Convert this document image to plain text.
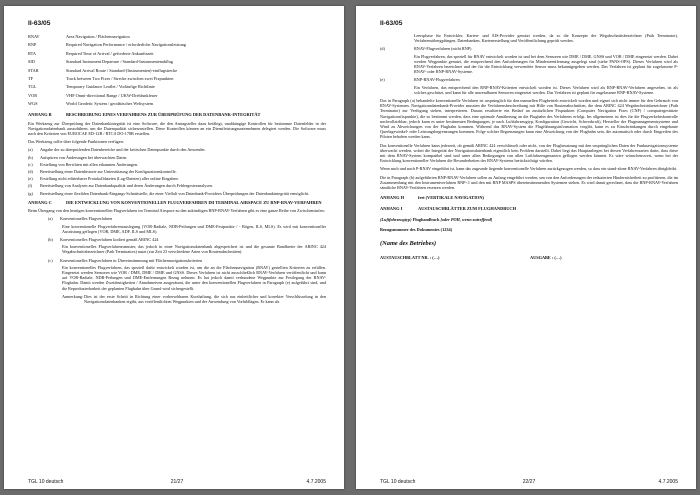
II-63/05
RNAV	Area Navigation / Flächennavigation
RNP	Required Navigation Performance / erforderliche Navigationsleistung
RTA	Required Time of Arrival / geforderte Ankunftszeit
SID	Standard Instrument Departure / Standard-Instrumentenabflug
STAR	Standard Arrival Route / Standard-(Instrumenten)-einflugstrecke
TF	Track between Two Fixes / Strecke zwischen zwei Fixpunkten
TGL	Temporary Guidance Leaflet / Vorläufige Richtlinie
VOR	VHF Omni-directional Range / UKW-Drehfunkfeuer
WGS	World Geodetic System / geodätisches Weltsystem
ANHANG B	BESCHREIBUNG EINES VERFAHRENS ZUR ÜBERPRÜFUNG DER DATENBANK-INTEGRITÄT

Ein Werkzeug zur Überprüfung der Datenbankintegrität ist eine Software, die den Antragsteller dazu befähigt, unabhängige Kontrollen für bestimmte Datenfelder in der Navigationsdatenbank auszuführen, um die Datenqualität sicherzustellen. Diese Kontrollen können an ein Dienstleistungsunternehmen delegiert werden. Die Software muss nach den Kriterien von EUROCAE ED-12B / RTCA DO-178B erstellen.

Das Werkzeug sollte über folgende Funktionen verfügen:

(a)	Angabe der zu überprüfenden Datenbereiche und der kritischen Datenpunkte durch den Anwender.
(b)	Aufspüren von Änderungen bei überwachten Daten.
(c)	Erstellung von Berichten mit allen erkannten Änderungen.
(d)	Bereitstellung einer Datenhistorie zur Unterstützung der Konfigurationskontrolle.
(e)	Erstellung nicht editierbarer Protokolldateien (Log-Dateien) aller online Eingaben.
(f)	Bereitstellung von Analysen zur Datenbankqualität und deren Änderungen durch Fehlergesteranalysen.
(g)	Bereitstellung einer flexiblen Datenbank-Eingangs-Schnittstelle, die einer Vielfalt von Datenbank-Providern Überprüfungen der Datenbankintegrität ermöglicht.
ANHANG C	DIE ENTWICKLUNG VON KONVENTIONELLEN FLUGVERFAHREN IM TERMINAL AIRSPACE ZU RNP-RNAV-VERFAHREN

Beim Übergang von den heutigen konventionellen Flugverfahren im Terminal Airspace zu den zukünftigen RNP-RNAV-Verfahren gibt es eine ganze Reihe von Zwischenstufen:

(a)	Konventionelles Flugverfahren

Eine konventionelle Flugverfahrensauslegung (VOR-Radiale, NDB-Peilungen und DME-Festpunkte / - Bögen, ILS, MLS). Es wird mit konventioneller Ausrüstung geflogen (VOR, DME, ADF, ILS und MLS).

(b)	Konventionelles Flugverfahren kodiert gemäß ARINC 424

Ein konventionelles Flugverfahrensmuster, das jedoch in einer Navigationsdatenbank abgespeichert ist und die gesamte Bandbreite der ARINC 424 Wegabschnittsbezeichner (Path Terminators) nutzt (zur Zeit 23 verschiedene Arten von Routenabschnitten).

(c)	Konventionelles Flugverfahren in Übereinstimmung mit Flächennavigationskriterien

Ein konventionelles Flugverfahren, das speziell dafür entwickelt worden ist, um die an die Flächennavigation (RNAV) gestellten Kriterien zu erfüllen. Eingesetzt werden Sensoren wie VOR / DME, DME / DME und GNSS. Dieses Verfahren ist nicht ausschließlich RNAV-Verfahren veröffentlicht und kann auf VOR-Radiale, NDB-Peilungen und DME-Entfernungen Bezug nehmen. Es hat jedoch damit verbundene Wegpunkte zur Festlegung der RNAV-Flugbahn. Damit werden Zweideutigkeiten / Annahmeiven ausgeräumt, die unter den konventionellen Flugverfahren in Paragraph (e) aufgeführt sind, und die Reproduzierbarkeit der geplanten Flugbahn über Grund wird sichergestellt.

Anmerkung: Dies ist der erste Schritt in Richtung einer vorhersehbaren Kurshaltung, die sich aus einheitlicher und korrekter Verschlüsselung in den Navigationsdatenbanken ergibt, aus veröffentlichten Wegpunkten und der Anwendung von Vorbildlagen. Er kann als
TGL 10 deutsch	21/27	4.7.2005
II-63/05

Leersphase für Entwickler, Karten- und AIS-Provider genutzt werden, da so die Konzepte der Wegabschnittsbezeichner (Path Terminator), Verfahrensübergpfüngen, Datenbanken, Kartenerstellung und Veröffentlichung geprüft werden.

(d)	RNAV-Flugverfahren (nicht RNP)

Ein Flugverfahren, das speziell für RNAV entwickelt worden ist und bei dem Sensoren wie DME / DME, GNSS und VOR / DME eingesetzt werden. Dabei werden Wegpunkte genutzt, die entsprechend den Anforderungen für Mindesteentfernung ausgelegt sind (siehe PANS-OPS). Dieses Verfahren wird als RNAV-Verfahren bezeichnet und der für die Entwicklung verwendete Sensor muss bekanntgegeben werden. Das Verfahren ist geplant für zugelassene P-RNAV- oder RNP-RNAV-Systeme.

(e)	RNP-RNAV-Flugverfahren

Ein Verfahren, das entsprechend den RNP-RNAV-Kriterien entwickelt worden ist. Dieses Verfahren wird als RNP-RNAV-Verfahren angesehen, ist als solches geschützt, und kann für alle anwendbaren Sensoren eingesetzt werden. Das Verfahren ist geplant für zugelassene RNP-RNAV-Systeme.

Das in Paragraph (a) behandelte konventionelle Verfahren ist ursprünglich für den manuellen Flugbetrieb entwickelt worden und eignet sich nicht immer für den Gebrauch von RNAV-Systemen. Navigationsdatenbank-Provider mussten die Verfahrensbeschreibung mit Hilfe von Routenabschnitten, die dem ARINC 424 Wegabschnittsbezeichner (Path Terminator) zur Verfügung stehen, interpretieren. Daraus resultierte ein Bedarf an zusätzlichen Fixpunkten (Computer Navigation Fixes (CNF) / computergestützte Navigationsfixpunkte), die so bestimmt werden, dass eine optimale Annäherung an die Flugbahn des Verfahrens erfolgt. Im allgemeinen ist dies für die Flugverkehrskontrolle nachvollziehbar, jedoch kann es unter bestimmten Bedingungen, je nach Luftfahrzeugtyp, Konfiguration (Gewicht, Schwerkraft), Hersteller der Flugmanagementsysteme und Wind zu Abweichungen von der Flugbahn kommen. Während das RNAV-System die Flugführungsinformation vorgibt, kann es zu Einschränkungen durch eingebaute Querlagewinkel- oder Leistungsbegrenzungen kommen. Folge solcher Begrenzungen kann eine Abweichung von der Flugbahn sein, die automatisch oder durch Eingreifen des Piloten behoben werden kann.

Das konventionelle Verfahren kann jederzeit, ob gemäß ARINC 424 verschlüsselt oder nicht, von der Flugbesatzung mit den ursprünglichen Daten der Funknavigationssysteme überwacht werden, wobei die Integrität der Navigationsdatenbank eigentlich kein Problem darstellt. Dabei liegt das Hauptanliegen bei diesen Verfahrensarten darin, dass diese mit dem RNAV-System kompatibel sind und unter allen Bedingungen von allen Luftfahrzeugmustern geflogen werden können. Es wäre wünschenswert, wenn bei der Entwicklung konventioneller Verfahren die Besonderheiten des RNAV-Systems berücksichtigt würden.

Wenn nach und nach P-RNAV eingeführt ist, kann das zugrunde liegende konventionelle Verfahren zurückgezogen werden, so dass ein stand-alone RNAV-Verfahren übrigbleibt.

Die in Paragraph (b) aufgeführten RNP-RNAV-Verfahren sollen zu Anfang eingeführt werden, um von den Anforderungen der reduzierten Hindernisfreiheit zu profitieren, die im Zusammenhang mit den Instrumentverfahren RNP<1 und den mit RNP MASPS übereinstimmenden Systemen stehen. Es wird damit gerechnet, dass die RNP-RNAV-Verfahren sämtliche RNAV-Verfahren ersetzen werden.

ANHANG H	frei (VERTIKALE NAVIGATION)
ANHANG I	AUSTAUSCHBLÄTTER ZUM FLUGHANDBUCH
(Luftfahrzeugtyp) Flughandbuch [oder POH, wenn zutreffend]
Bezugsnummer des Dokumentes (1234)
(Name des Betriebes)
AUSTAUSCHBLATT NR. : (…)	AUSGABE : (…)
TGL 10 deutsch	22/27	4.7.2005
